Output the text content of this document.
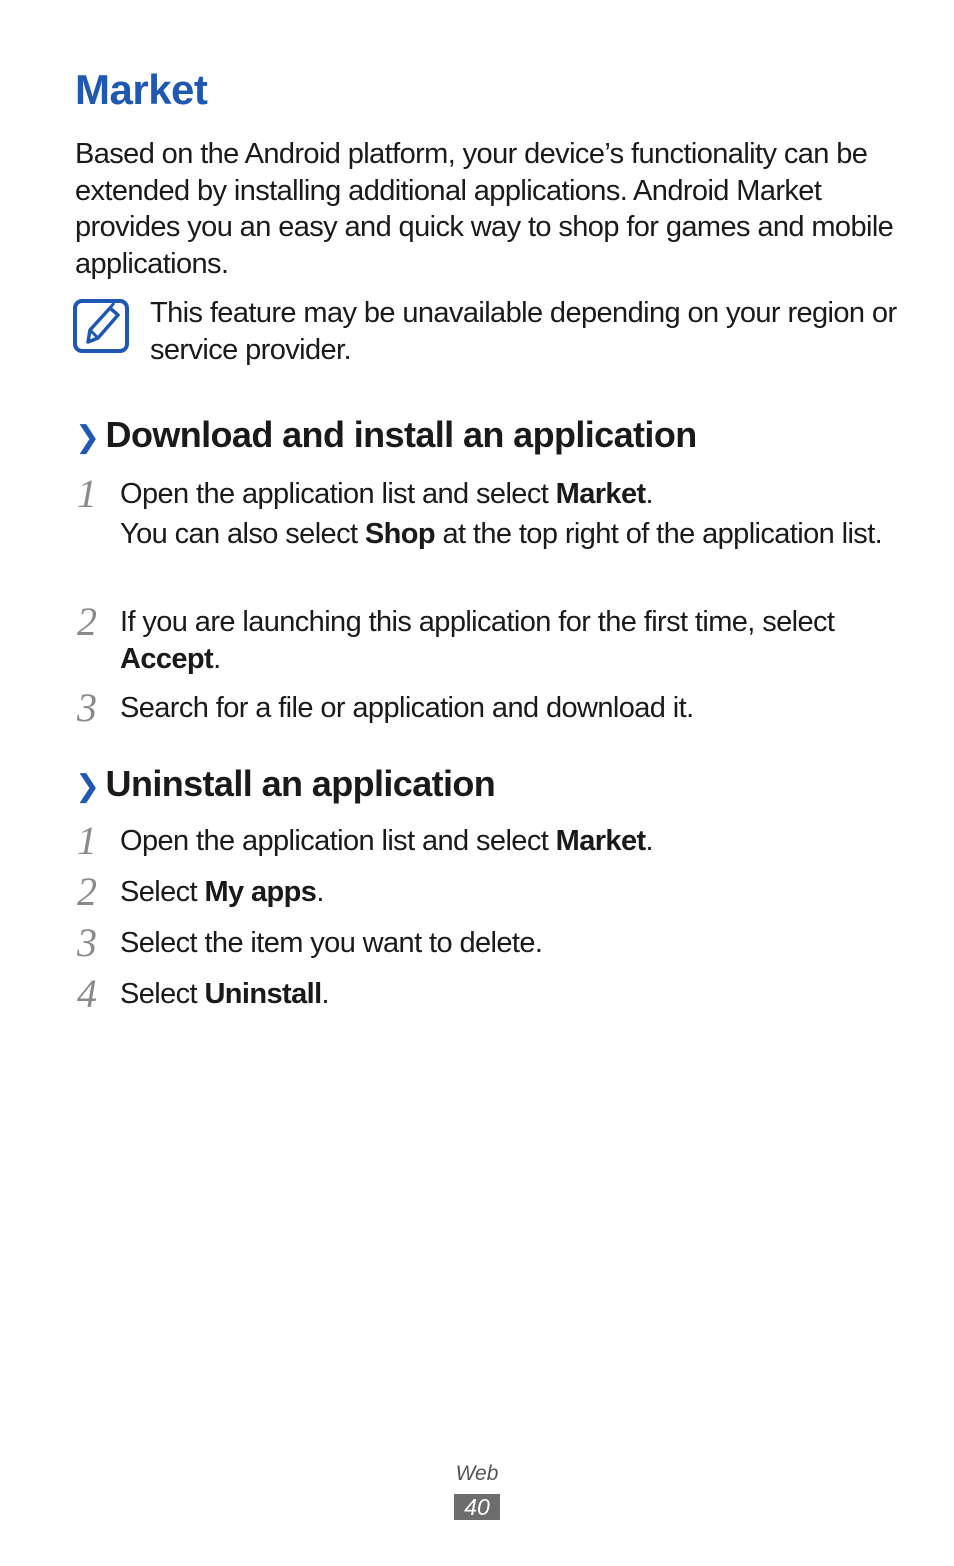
Market

Based on the Android platform, your device’s functionality can be extended by installing additional applications. Android Market provides you an easy and quick way to shop for games and mobile applications.

This feature may be unavailable depending on your region or service provider.

❯ Download and install an application
1 Open the application list and select Market.

You can also select Shop at the top right of the application list.

2 If you are launching this application for the first time, select Accept.

3 Search for a file or application and download it.

❯ Uninstall an application
1 Open the application list and select Market.

2 Select My apps.

3 Select the item you want to delete.

4 Select Uninstall.

Web
40
